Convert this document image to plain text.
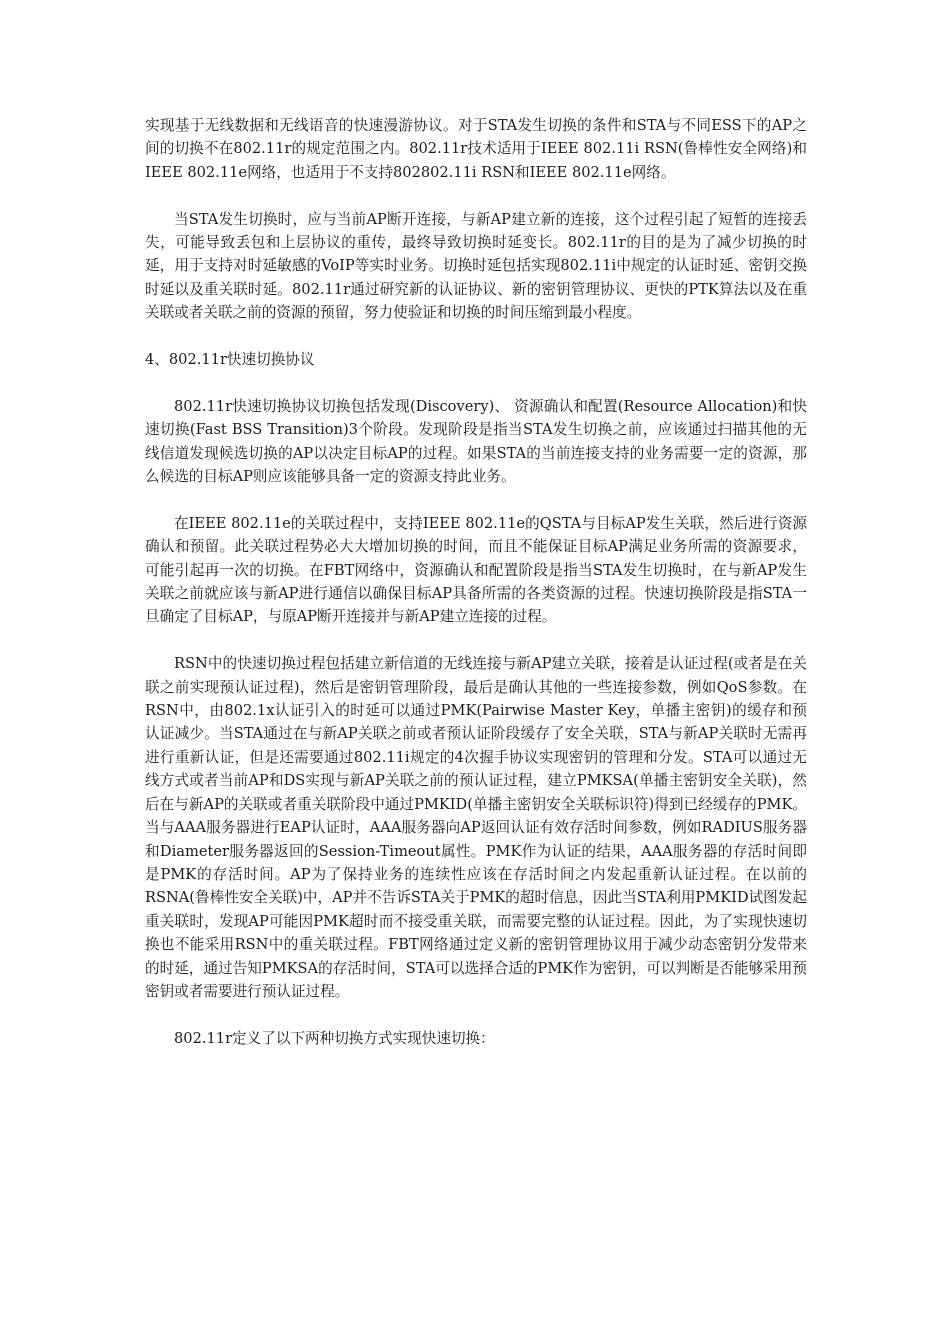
实现基于无线数据和无线语音的快速漫游协议。对于STA发生切换的条件和STA与不同ESS下的AP之间的切换不在802.11r的规定范围之内。802.11r技术适用于IEEE 802.11i RSN(鲁棒性安全网络)和IEEE 802.11e网络，也适用于不支持802802.11i RSN和IEEE 802.11e网络。

当STA发生切换时，应与当前AP断开连接，与新AP建立新的连接，这个过程引起了短暂的连接丢失，可能导致丢包和上层协议的重传，最终导致切换时延变长。802.11r的目的是为了减少切换的时延，用于支持对时延敏感的VoIP等实时业务。切换时延包括实现802.11i中规定的认证时延、密钥交换时延以及重关联时延。802.11r通过研究新的认证协议、新的密钥管理协议、更快的PTK算法以及在重关联或者关联之前的资源的预留，努力使验证和切换的时间压缩到最小程度。

4、802.11r快速切换协议

802.11r快速切换协议切换包括发现(Discovery)、 资源确认和配置(Resource Allocation)和快速切换(Fast BSS Transition)3个阶段。发现阶段是指当STA发生切换之前，应该通过扫描其他的无线信道发现候选切换的AP以决定目标AP的过程。如果STA的当前连接支持的业务需要一定的资源，那么候选的目标AP则应该能够具备一定的资源支持此业务。

在IEEE 802.11e的关联过程中，支持IEEE 802.11e的QSTA与目标AP发生关联，然后进行资源确认和预留。此关联过程势必大大增加切换的时间，而且不能保证目标AP满足业务所需的资源要求，可能引起再一次的切换。在FBT网络中，资源确认和配置阶段是指当STA发生切换时，在与新AP发生关联之前就应该与新AP进行通信以确保目标AP具备所需的各类资源的过程。快速切换阶段是指STA一旦确定了目标AP，与原AP断开连接并与新AP建立连接的过程。

RSN中的快速切换过程包括建立新信道的无线连接与新AP建立关联，接着是认证过程(或者是在关联之前实现预认证过程)，然后是密钥管理阶段，最后是确认其他的一些连接参数，例如QoS参数。在RSN中，由802.1x认证引入的时延可以通过PMK(Pairwise Master Key，单播主密钥)的缓存和预认证减少。当STA通过在与新AP关联之前或者预认证阶段缓存了安全关联，STA与新AP关联时无需再进行重新认证，但是还需要通过802.11i规定的4次握手协议实现密钥的管理和分发。STA可以通过无线方式或者当前AP和DS实现与新AP关联之前的预认证过程，建立PMKSA(单播主密钥安全关联)，然后在与新AP的关联或者重关联阶段中通过PMKID(单播主密钥安全关联标识符)得到已经缓存的PMK。当与AAA服务器进行EAP认证时，AAA服务器向AP返回认证有效存活时间参数，例如RADIUS服务器和Diameter服务器返回的Session-Timeout属性。PMK作为认证的结果，AAA服务器的存活时间即是PMK的存活时间。AP为了保持业务的连续性应该在存活时间之内发起重新认证过程。在以前的RSNA(鲁棒性安全关联)中，AP并不告诉STA关于PMK的超时信息，因此当STA利用PMKID试图发起重关联时，发现AP可能因PMK超时而不接受重关联，而需要完整的认证过程。因此，为了实现快速切换也不能采用RSN中的重关联过程。FBT网络通过定义新的密钥管理协议用于减少动态密钥分发带来的时延，通过告知PMKSA的存活时间，STA可以选择合适的PMK作为密钥，可以判断是否能够采用预密钥或者需要进行预认证过程。

802.11r定义了以下两种切换方式实现快速切换：
